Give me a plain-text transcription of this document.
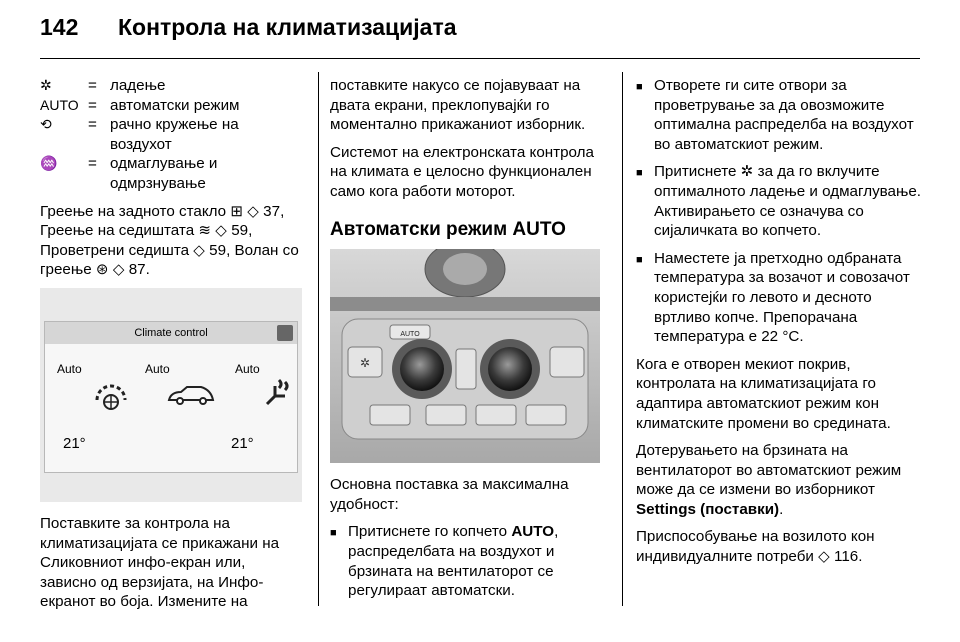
142	Контрола на климатизацијата
✲	= ладење
AUTO = автоматски режим
⟲	= рачно кружење на воздухот
♒	= одмаглување и одмрзнување
Греење на задното стакло ⊞ ◇ 37, Греење на седиштата ≋ ◇ 59, Проветрени седишта ◇ 59, Волан со греење ⊛ ◇ 87.
Climate control
Auto	Auto	Auto
21°	21°
Поставките за контрола на климатизацијата се прикажани на Сликовниот инфо-екран или, зависно од верзијата, на Инфо-екранот во боја. Измените на
поставките накусо се појавуваат на двата екрани, преклопувајќи го моменталнo прикажаниот изборник.
Системот на електронската контрола на климата е целосно функционален само кога работи моторот.
Автоматски режим AUTO
AUTO
✲
Основна поставка за максимална удобност:
■ Притиснете го копчето AUTO, распределбата на воздухот и брзината на вентилаторот се регулираат автоматски.
■ Отворете ги сите отвори за проветрување за да овозможите оптимална распределба на воздухот во автоматскиот режим.
■ Притиснете ✲ за да го вклучите оптималното ладење и одмаглување. Активирањето се означува со сијаличката во копчето.
■ Наместете ја претходно одбраната температура за возачот и совозачот користејќи го левото и десното вртливо копче. Препорачана температура е 22 °C.
Кога е отворен мекиот покрив, контролата на климатизацијата го адаптира автоматскиот режим кон климатските промени во средината.
Дотерувањето на брзината на вентилаторот во автоматскиот режим може да се измени во изборникот Settings (поставки).
Приспособување на возилото кон индивидуалните потреби ◇ 116.
